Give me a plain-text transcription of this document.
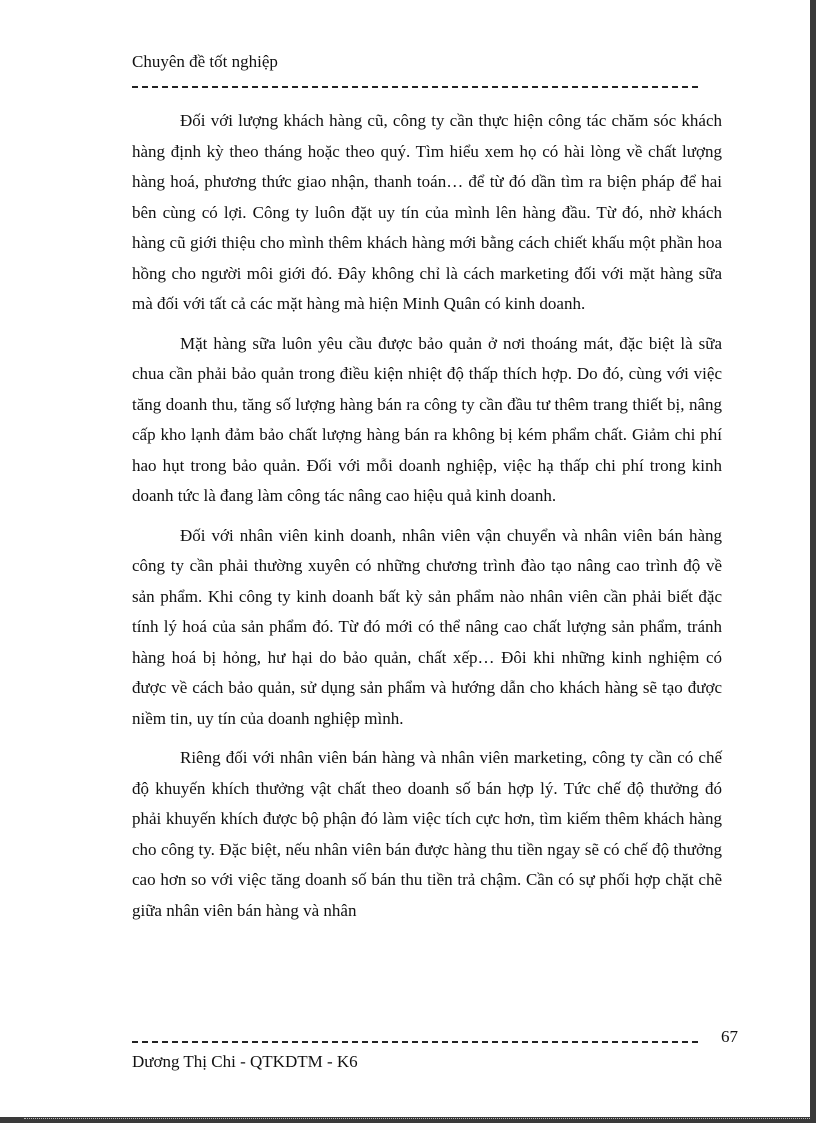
Chuyên đề tốt nghiệp

Đối với lượng khách hàng cũ, công ty cần thực hiện công tác chăm sóc khách hàng định kỳ theo tháng hoặc theo quý. Tìm hiểu xem họ có hài lòng về chất lượng hàng hoá, phương thức giao nhận, thanh toán… để từ đó dần tìm ra biện pháp để hai bên cùng có lợi. Công ty luôn đặt uy tín của mình lên hàng đầu. Từ đó, nhờ khách hàng cũ giới thiệu cho mình thêm khách hàng mới bằng cách chiết khấu một phần hoa hồng cho người môi giới đó. Đây không chỉ là cách marketing đối với mặt hàng sữa mà đối với tất cả các mặt hàng mà hiện Minh Quân có kinh doanh.

Mặt hàng sữa luôn yêu cầu được bảo quản ở nơi thoáng mát, đặc biệt là sữa chua cần phải bảo quản trong điều kiện nhiệt độ thấp thích hợp. Do đó, cùng với việc tăng doanh thu, tăng số lượng hàng bán ra công ty cần đầu tư thêm trang thiết bị, nâng cấp kho lạnh đảm bảo chất lượng hàng bán ra không bị kém phẩm chất. Giảm chi phí hao hụt trong bảo quản. Đối với mỗi doanh nghiệp, việc hạ thấp chi phí trong kinh doanh tức là đang làm công tác nâng cao hiệu quả kinh doanh.

Đối với nhân viên kinh doanh, nhân viên vận chuyển và nhân viên bán hàng công ty cần phải thường xuyên có những chương trình đào tạo nâng cao trình độ về sản phẩm. Khi công ty kinh doanh bất kỳ sản phẩm nào nhân viên cần phải biết đặc tính lý hoá của sản phẩm đó. Từ đó mới có thể nâng cao chất lượng sản phẩm, tránh hàng hoá bị hỏng, hư hại do bảo quản, chất xếp… Đôi khi những kinh nghiệm có được về cách bảo quản, sử dụng sản phẩm và hướng dẫn cho khách hàng sẽ tạo được niềm tin, uy tín của doanh nghiệp mình.

Riêng đối với nhân viên bán hàng và nhân viên marketing, công ty cần có chế độ khuyến khích thưởng vật chất theo doanh số bán hợp lý. Tức chế độ thưởng đó phải khuyến khích được bộ phận đó làm việc tích cực hơn, tìm kiếm thêm khách hàng cho công ty. Đặc biệt, nếu nhân viên bán được hàng thu tiền ngay sẽ có chế độ thưởng cao hơn so với việc tăng doanh số bán thu tiền trả chậm. Cần có sự phối hợp chặt chẽ giữa nhân viên bán hàng và nhân

67
Dương Thị Chi - QTKDTM - K6
